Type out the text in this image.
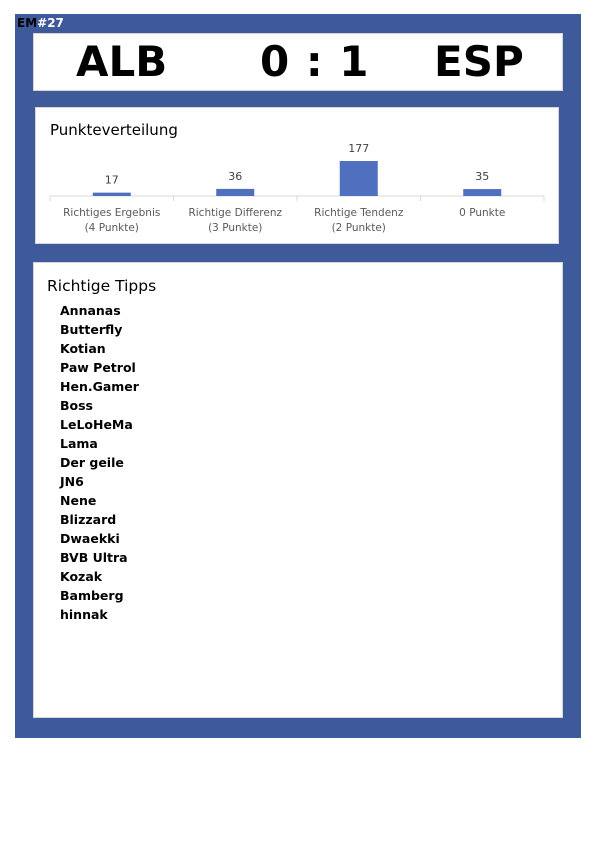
EM#27
ALB 0 : 1 ESP
Punkteverteilung
17
Richtiges Ergebnis
(4 Punkte)
36
Richtige Differenz
(3 Punkte)
177
Richtige Tendenz
(2 Punkte)
35
0 Punkte
Richtige Tipps
Annanas
Butterfly
Kotian
Paw Petrol
Hen.Gamer
Boss
LeLoHeMa
Lama
Der geile
JN6
Nene
Blizzard
Dwaekki
BVB Ultra
Kozak
Bamberg
hinnak
